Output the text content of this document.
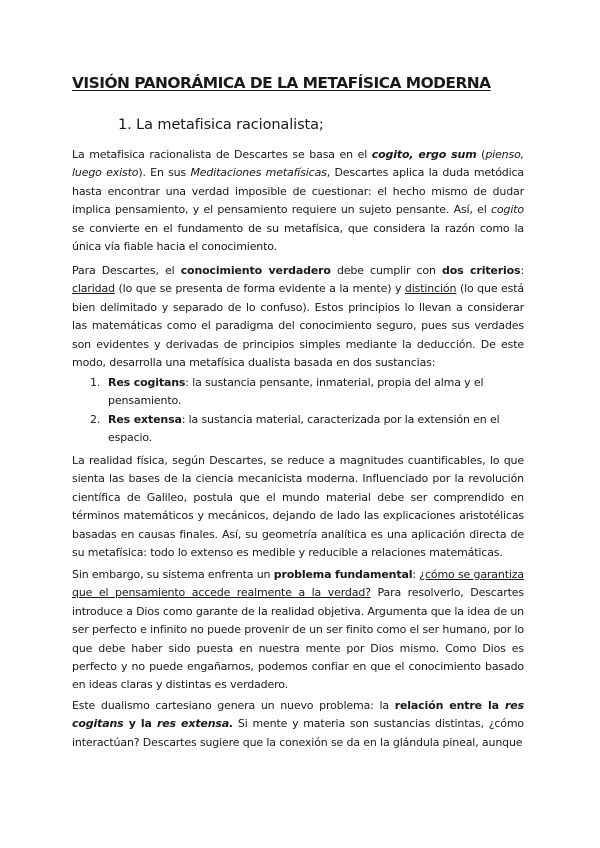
VISIÓN PANORÁMICA DE LA METAFÍSICA MODERNA
1. La metafisica racionalista;

La metafisica racionalista de Descartes se basa en el cogito, ergo sum (pienso, luego existo). En sus Meditaciones metafísicas, Descartes aplica la duda metódica hasta encontrar una verdad imposible de cuestionar: el hecho mismo de dudar implica pensamiento, y el pensamiento requiere un sujeto pensante. Así, el cogito se convierte en el fundamento de su metafísica, que considera la razón como la única vía fiable hacia el conocimiento.

Para Descartes, el conocimiento verdadero debe cumplir con dos criterios: claridad (lo que se presenta de forma evidente a la mente) y distinción (lo que está bien delimitado y separado de lo confuso). Estos principios lo llevan a considerar las matemáticas como el paradigma del conocimiento seguro, pues sus verdades son evidentes y derivadas de principios simples mediante la deducción. De este modo, desarrolla una metafísica dualista basada en dos sustancias:

1. Res cogitans: la sustancia pensante, inmaterial, propia del alma y el pensamiento.
2. Res extensa: la sustancia material, caracterizada por la extensión en el espacio.

La realidad física, según Descartes, se reduce a magnitudes cuantificables, lo que sienta las bases de la ciencia mecanicista moderna. Influenciado por la revolución científica de Galileo, postula que el mundo material debe ser comprendido en términos matemáticos y mecánicos, dejando de lado las explicaciones aristotélicas basadas en causas finales. Así, su geometría analítica es una aplicación directa de su metafísica: todo lo extenso es medible y reducible a relaciones matemáticas.

Sin embargo, su sistema enfrenta un problema fundamental: ¿cómo se garantiza que el pensamiento accede realmente a la verdad? Para resolverlo, Descartes introduce a Dios como garante de la realidad objetiva. Argumenta que la idea de un ser perfecto e infinito no puede provenir de un ser finito como el ser humano, por lo que debe haber sido puesta en nuestra mente por Dios mismo. Como Dios es perfecto y no puede engañarnos, podemos confiar en que el conocimiento basado en ideas claras y distintas es verdadero.

Este dualismo cartesiano genera un nuevo problema: la relación entre la res cogitans y la res extensa. Si mente y materia son sustancias distintas, ¿cómo interactúan? Descartes sugiere que la conexión se da en la glándula pineal, aunque
